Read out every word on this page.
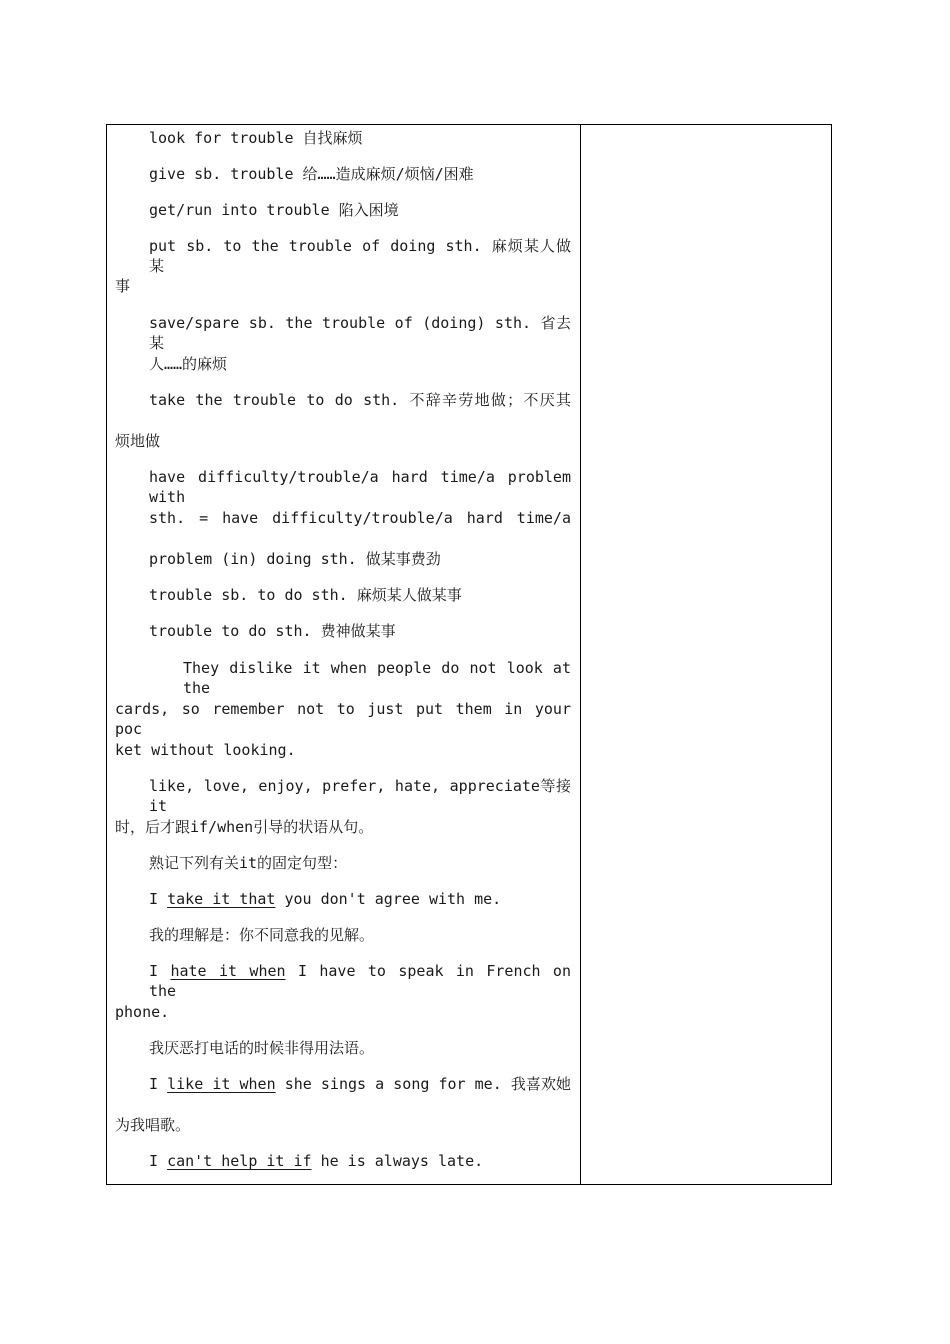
look for trouble 自找麻烦
give sb. trouble 给……造成麻烦/烦恼/困难
get/run into trouble 陷入困境
put sb. to the trouble of doing sth. 麻烦某人做某
事
save/spare sb. the trouble of (doing) sth. 省去某
人……的麻烦
take the trouble to do sth. 不辞辛劳地做；不厌其
烦地做
have difficulty/trouble/a hard time/a problem with
sth. = have difficulty/trouble/a hard time/a
problem (in) doing sth. 做某事费劲
trouble sb. to do sth. 麻烦某人做某事
trouble to do sth. 费神做某事
They dislike it when people do not look at the
cards, so remember not to just put them in your poc
ket without looking.
like, love, enjoy, prefer, hate, appreciate等接it
时，后才跟if/when引导的状语从句。
熟记下列有关it的固定句型：
I take it that you don't agree with me.
我的理解是：你不同意我的见解。
I hate it when I have to speak in French on the
phone.
我厌恶打电话的时候非得用法语。
I like it when she sings a song for me. 我喜欢她
为我唱歌。
I can't help it if he is always late.
